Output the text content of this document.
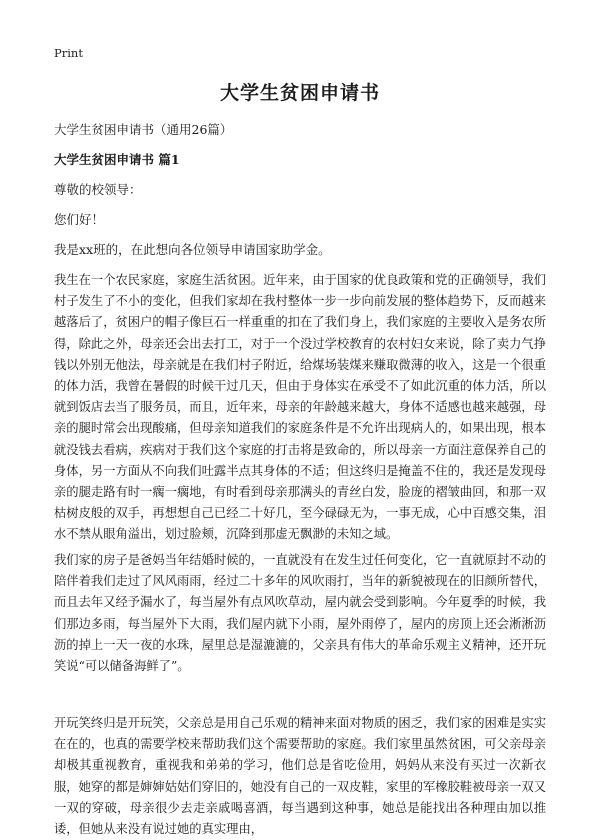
Print
大学生贫困申请书
大学生贫困申请书（通用26篇）
大学生贫困申请书 篇1
尊敬的校领导：
您们好！
我是xx班的，在此想向各位领导申请国家助学金。

我生在一个农民家庭，家庭生活贫困。近年来，由于国家的优良政策和党的正确领导，我们村子发生了不小的变化，但我们家却在我村整体一步一步向前发展的整体趋势下，反而越来越落后了，贫困户的帽子像巨石一样重重的扣在了我们身上，我们家庭的主要收入是务农所得，除此之外，母亲还会出去打工，对于一个没过学校教育的农村妇女来说，除了卖力气挣钱以外别无他法，母亲就是在我们村子附近，给煤场装煤来赚取微薄的收入，这是一个很重的体力活，我曾在暑假的时候干过几天，但由于身体实在承受不了如此沉重的体力活，所以就到饭店去当了服务员，而且，近年来，母亲的年龄越来越大，身体不适感也越来越强，母亲的腿时常会出现酸痛，但母亲知道我们的家庭条件是不允许出现病人的，如果出现，根本就没钱去看病，疾病对于我们这个家庭的打击将是致命的，所以母亲一方面注意保养自己的身体，另一方面从不向我们吐露半点其身体的不适；但这终归是掩盖不住的，我还是发现母亲的腿走路有时一瘸一瘸地，有时看到母亲那满头的青丝白发，脸庞的褶皱曲回，和那一双枯树皮般的双手，再想想自己已经二十好几，至今碌碌无为，一事无成，心中百感交集，泪水不禁从眼角溢出，划过脸颊，沉降到那虚无飘渺的未知之域。

我们家的房子是爸妈当年结婚时候的，一直就没有在发生过任何变化，它一直就原封不动的陪伴着我们走过了风风雨雨，经过二十多年的风吹雨打，当年的新貌被现在的旧颜所替代，而且去年又经予漏水了，每当屋外有点风吹草动，屋内就会受到影响。今年夏季的时候，我们那边多雨，每当屋外下大雨，我们屋内就下小雨，屋外雨停了，屋内的房顶上还会淅淅沥沥的掉上一天一夜的水珠，屋里总是湿漉漉的，父亲具有伟大的革命乐观主义精神，还开玩笑说“可以储备海鲜了”。

开玩笑终归是开玩笑，父亲总是用自己乐观的精神来面对物质的困乏，我们家的困难是实实在在的，也真的需要学校来帮助我们这个需要帮助的家庭。我们家里虽然贫困，可父亲母亲却极其重视教育，重视我和弟弟的学习，他们总是省吃俭用，妈妈从来没有买过一次新衣服，她穿的都是婶婶姑姑们穿旧的，她没有自己的一双皮鞋，家里的军橡胶鞋被母亲一双又一双的穿破，母亲很少去走亲戚喝喜酒，每当遇到这种事，她总是能找出各种理由加以推诿，但她从来没有说过她的真实理由，
